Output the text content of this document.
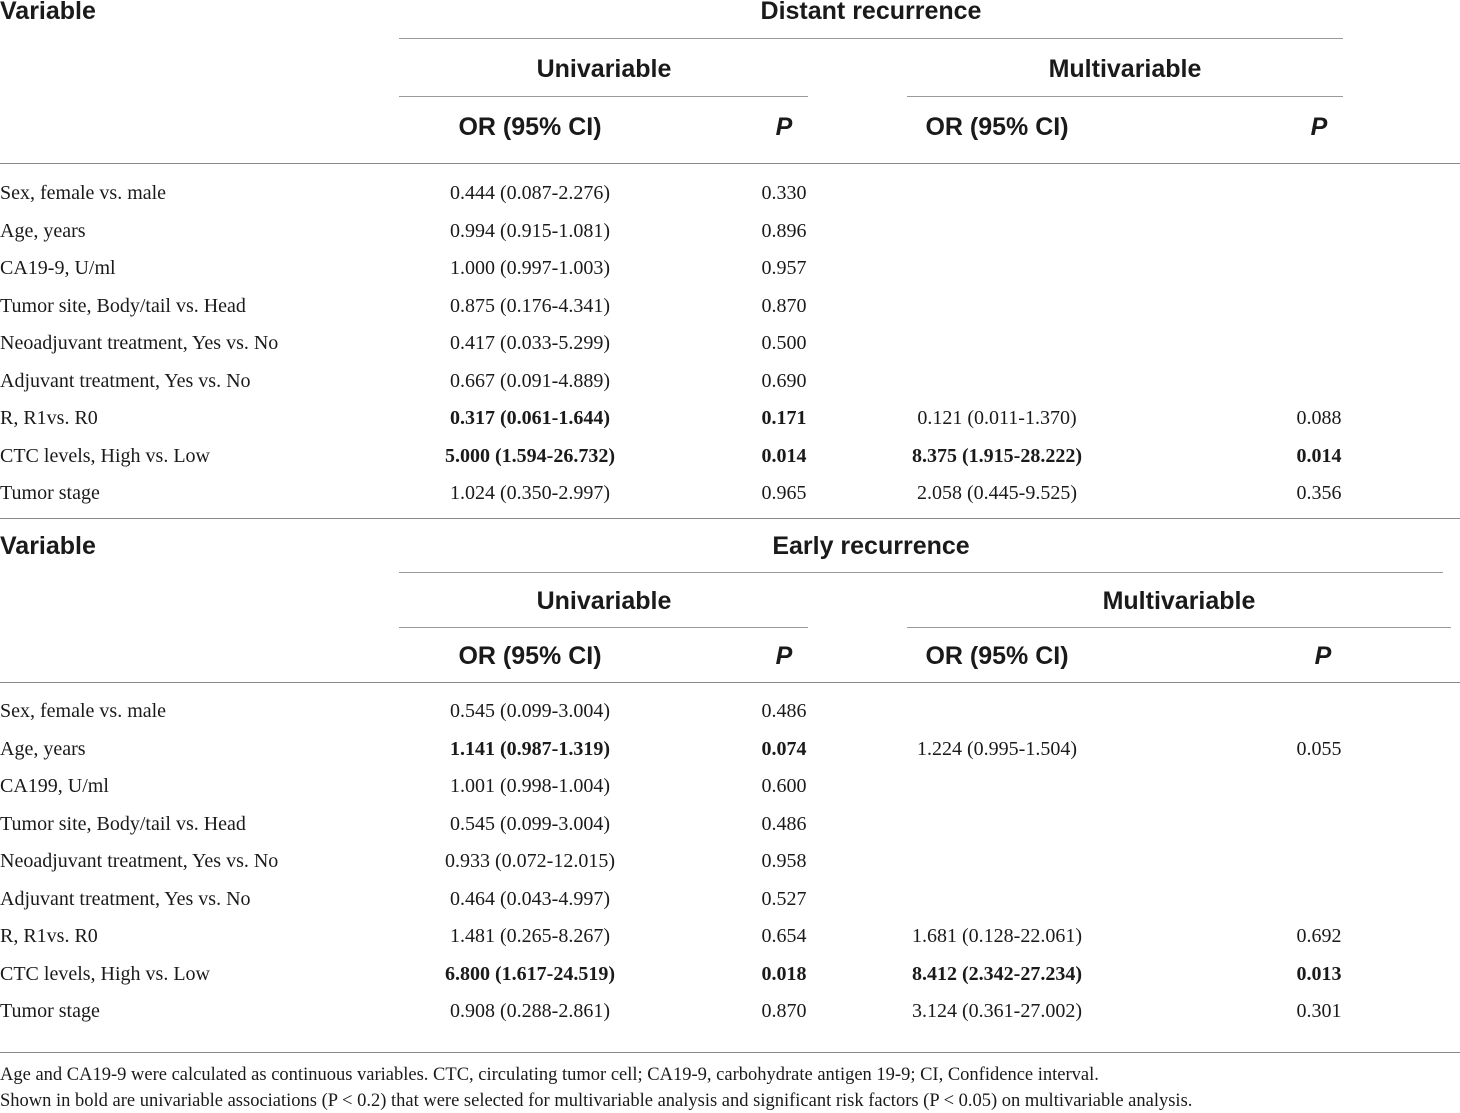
Variable	Distant recurrence
Univariable	Multivariable
OR (95% CI)	P	OR (95% CI)	P
Sex, female vs. male	0.444 (0.087-2.276)	0.330
Age, years	0.994 (0.915-1.081)	0.896
CA19-9, U/ml	1.000 (0.997-1.003)	0.957
Tumor site, Body/tail vs. Head	0.875 (0.176-4.341)	0.870
Neoadjuvant treatment, Yes vs. No	0.417 (0.033-5.299)	0.500
Adjuvant treatment, Yes vs. No	0.667 (0.091-4.889)	0.690
R, R1vs. R0	0.317 (0.061-1.644)	0.171	0.121 (0.011-1.370)	0.088
CTC levels, High vs. Low	5.000 (1.594-26.732)	0.014	8.375 (1.915-28.222)	0.014
Tumor stage	1.024 (0.350-2.997)	0.965	2.058 (0.445-9.525)	0.356
Variable	Early recurrence
Univariable	Multivariable
OR (95% CI)	P	OR (95% CI)	P
Sex, female vs. male	0.545 (0.099-3.004)	0.486
Age, years	1.141 (0.987-1.319)	0.074	1.224 (0.995-1.504)	0.055
CA199, U/ml	1.001 (0.998-1.004)	0.600
Tumor site, Body/tail vs. Head	0.545 (0.099-3.004)	0.486
Neoadjuvant treatment, Yes vs. No	0.933 (0.072-12.015)	0.958
Adjuvant treatment, Yes vs. No	0.464 (0.043-4.997)	0.527
R, R1vs. R0	1.481 (0.265-8.267)	0.654	1.681 (0.128-22.061)	0.692
CTC levels, High vs. Low	6.800 (1.617-24.519)	0.018	8.412 (2.342-27.234)	0.013
Tumor stage	0.908 (0.288-2.861)	0.870	3.124 (0.361-27.002)	0.301
Age and CA19-9 were calculated as continuous variables. CTC, circulating tumor cell; CA19-9, carbohydrate antigen 19-9; CI, Confidence interval.
Shown in bold are univariable associations (P < 0.2) that were selected for multivariable analysis and significant risk factors (P < 0.05) on multivariable analysis.
